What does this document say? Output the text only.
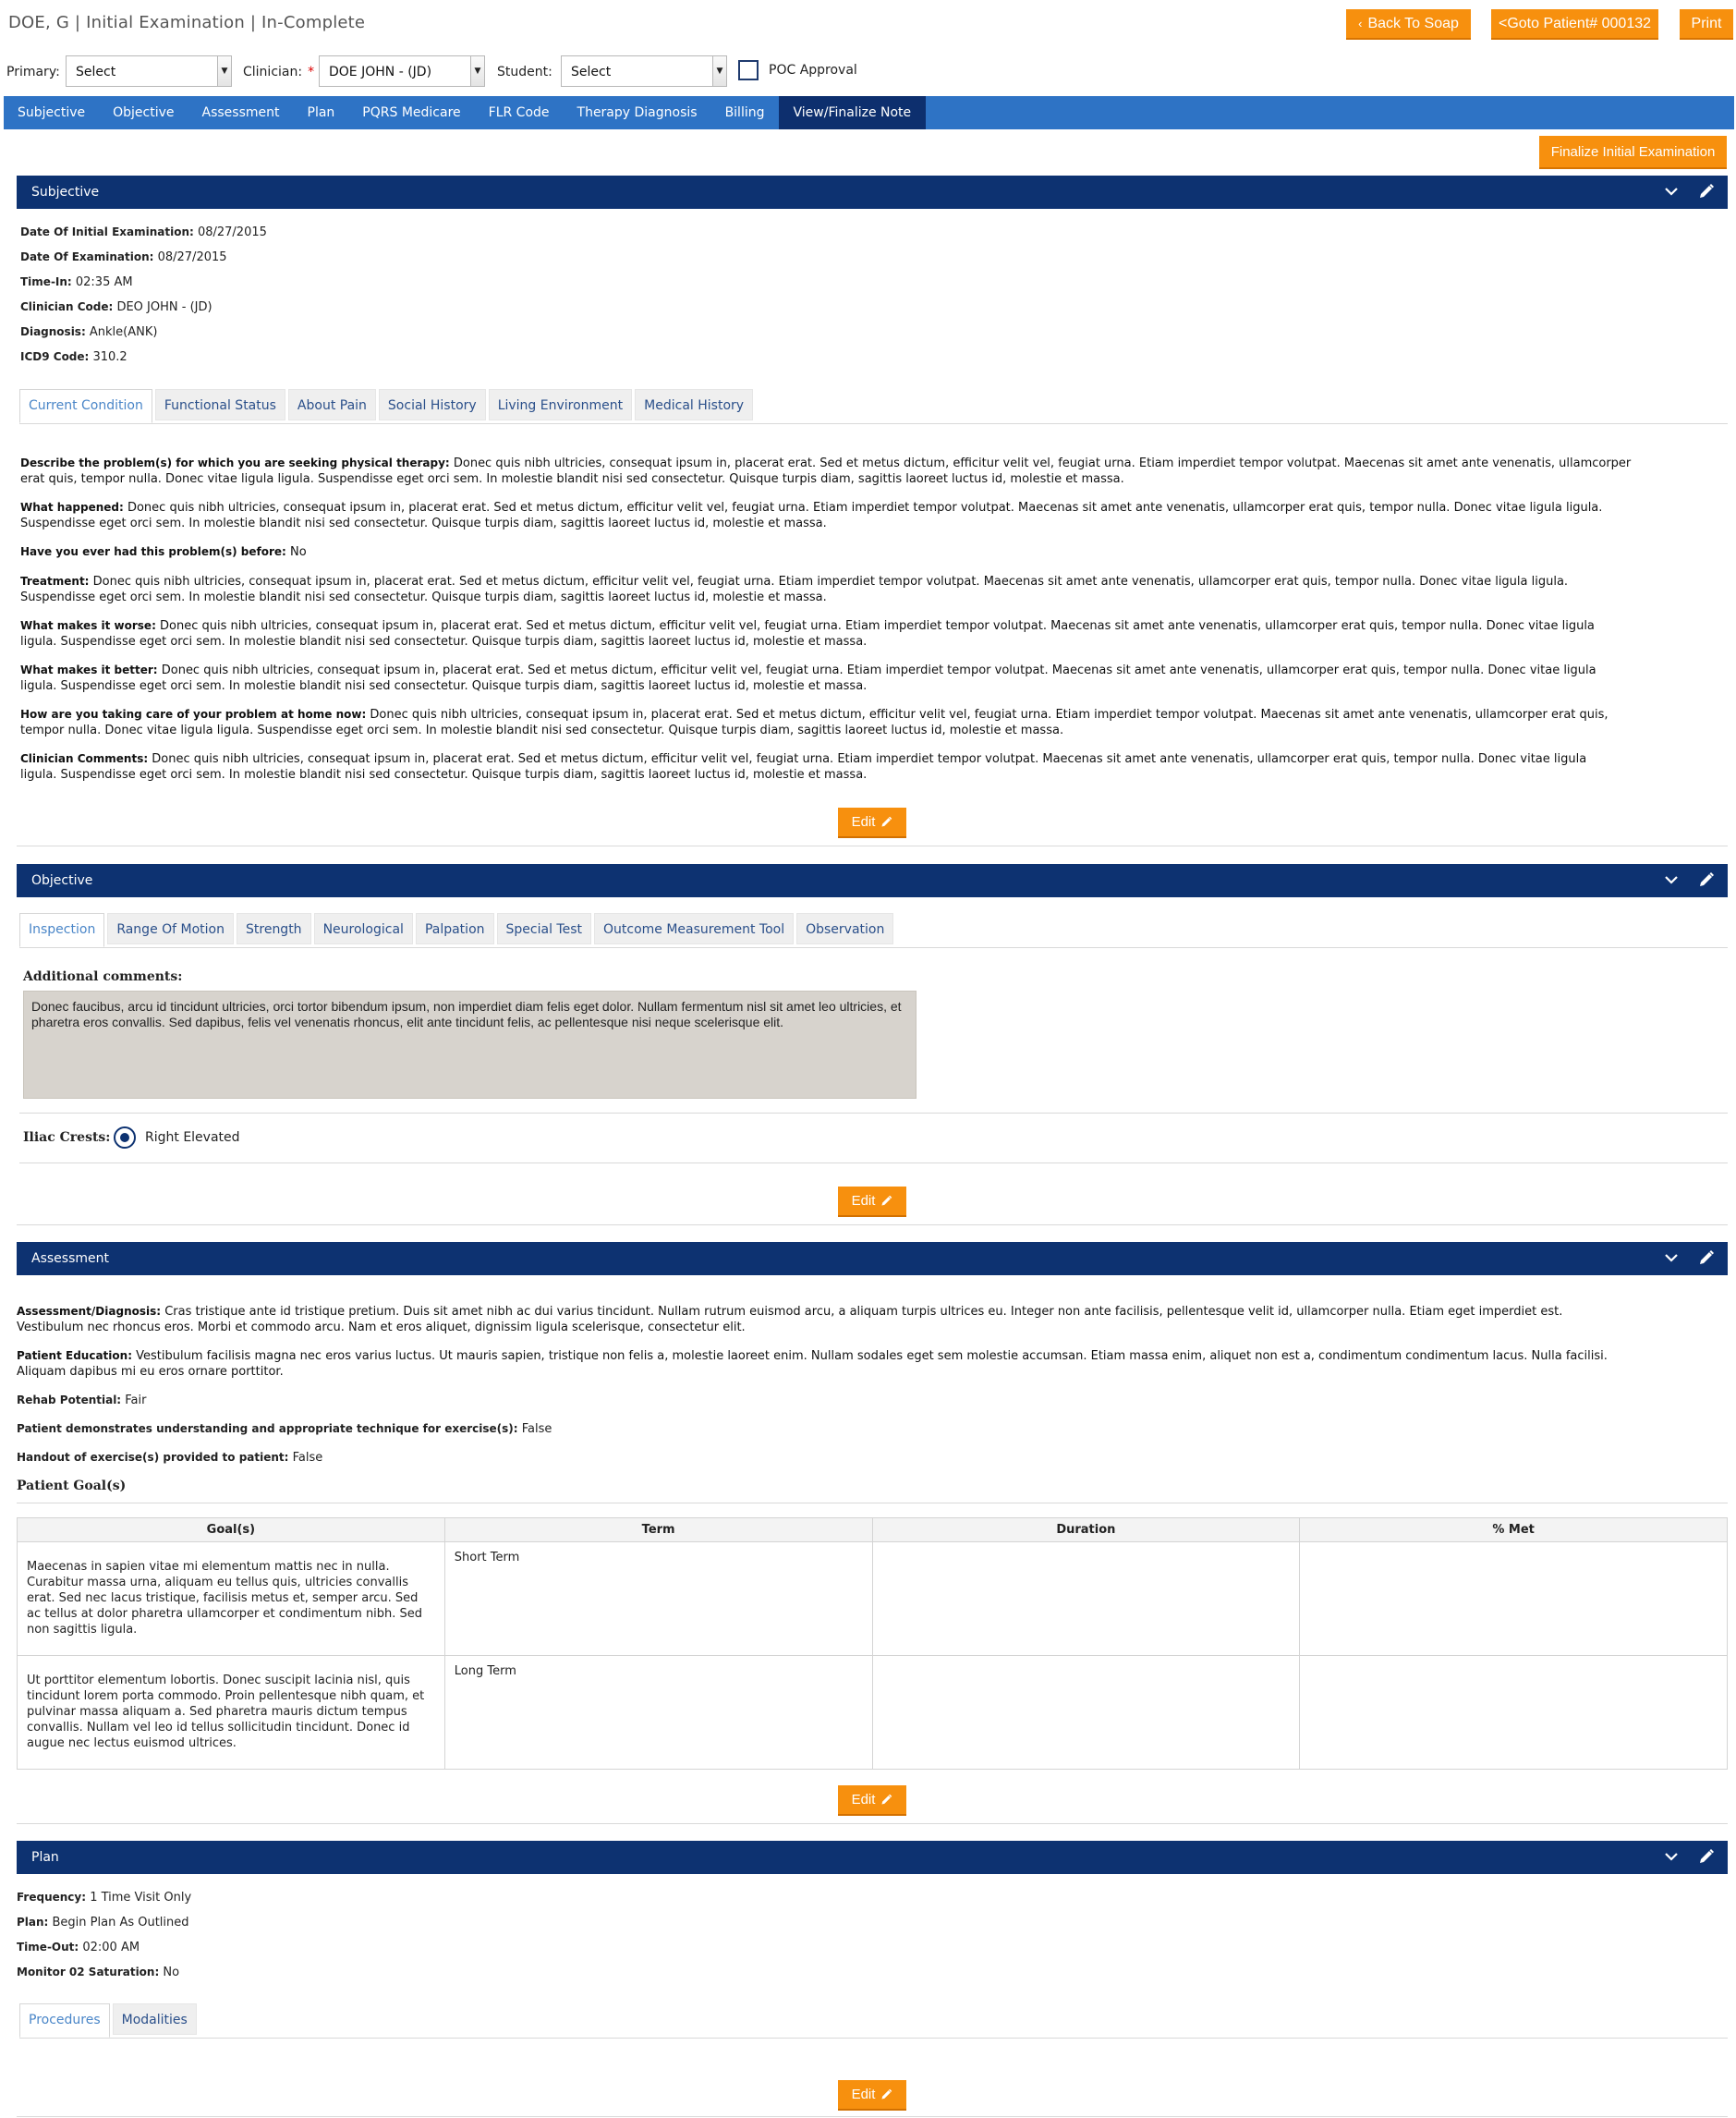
DOE, G | Initial Examination | In-Complete	‹ Back To Soap	<Goto Patient# 000132	Print
Primary:	Select	▼ Clinician: *	DOE JOHN - (JD)	▼ Student:	Select	▼	POC Approval
Subjective	Objective	Assessment	Plan	PQRS Medicare	FLR Code	Therapy Diagnosis	Billing	View/Finalize Note
Finalize Initial Examination
Subjective
Date Of Initial Examination: 08/27/2015
Date Of Examination: 08/27/2015
Time-In: 02:35 AM
Clinician Code: DEO JOHN - (JD)
Diagnosis: Ankle(ANK)
ICD9 Code: 310.2
Current Condition	Functional Status	About Pain	Social History	Living Environment	Medical History
Describe the problem(s) for which you are seeking physical therapy: Donec quis nibh ultricies, consequat ipsum in, placerat erat. Sed et metus dictum, efficitur velit vel, feugiat urna. Etiam imperdiet tempor volutpat. Maecenas sit amet ante venenatis, ullamcorper
erat quis, tempor nulla. Donec vitae ligula ligula. Suspendisse eget orci sem. In molestie blandit nisi sed consectetur. Quisque turpis diam, sagittis laoreet luctus id, molestie et massa.
What happened: Donec quis nibh ultricies, consequat ipsum in, placerat erat. Sed et metus dictum, efficitur velit vel, feugiat urna. Etiam imperdiet tempor volutpat. Maecenas sit amet ante venenatis, ullamcorper erat quis, tempor nulla. Donec vitae ligula ligula.
Suspendisse eget orci sem. In molestie blandit nisi sed consectetur. Quisque turpis diam, sagittis laoreet luctus id, molestie et massa.
Have you ever had this problem(s) before: No
Treatment: Donec quis nibh ultricies, consequat ipsum in, placerat erat. Sed et metus dictum, efficitur velit vel, feugiat urna. Etiam imperdiet tempor volutpat. Maecenas sit amet ante venenatis, ullamcorper erat quis, tempor nulla. Donec vitae ligula ligula.
Suspendisse eget orci sem. In molestie blandit nisi sed consectetur. Quisque turpis diam, sagittis laoreet luctus id, molestie et massa.
What makes it worse: Donec quis nibh ultricies, consequat ipsum in, placerat erat. Sed et metus dictum, efficitur velit vel, feugiat urna. Etiam imperdiet tempor volutpat. Maecenas sit amet ante venenatis, ullamcorper erat quis, tempor nulla. Donec vitae ligula
ligula. Suspendisse eget orci sem. In molestie blandit nisi sed consectetur. Quisque turpis diam, sagittis laoreet luctus id, molestie et massa.
What makes it better: Donec quis nibh ultricies, consequat ipsum in, placerat erat. Sed et metus dictum, efficitur velit vel, feugiat urna. Etiam imperdiet tempor volutpat. Maecenas sit amet ante venenatis, ullamcorper erat quis, tempor nulla. Donec vitae ligula
ligula. Suspendisse eget orci sem. In molestie blandit nisi sed consectetur. Quisque turpis diam, sagittis laoreet luctus id, molestie et massa.
How are you taking care of your problem at home now: Donec quis nibh ultricies, consequat ipsum in, placerat erat. Sed et metus dictum, efficitur velit vel, feugiat urna. Etiam imperdiet tempor volutpat. Maecenas sit amet ante venenatis, ullamcorper erat quis,
tempor nulla. Donec vitae ligula ligula. Suspendisse eget orci sem. In molestie blandit nisi sed consectetur. Quisque turpis diam, sagittis laoreet luctus id, molestie et massa.
Clinician Comments: Donec quis nibh ultricies, consequat ipsum in, placerat erat. Sed et metus dictum, efficitur velit vel, feugiat urna. Etiam imperdiet tempor volutpat. Maecenas sit amet ante venenatis, ullamcorper erat quis, tempor nulla. Donec vitae ligula
ligula. Suspendisse eget orci sem. In molestie blandit nisi sed consectetur. Quisque turpis diam, sagittis laoreet luctus id, molestie et massa.
Edit
Objective
Inspection	Range Of Motion	Strength	Neurological	Palpation	Special Test	Outcome Measurement Tool	Observation
Additional comments:
Donec faucibus, arcu id tincidunt ultricies, orci tortor bibendum ipsum, non imperdiet diam felis eget dolor. Nullam fermentum nisl sit amet leo ultricies, et pharetra eros convallis. Sed dapibus, felis vel venenatis rhoncus, elit ante tincidunt felis, ac pellentesque nisi neque scelerisque elit.
Iliac Crests:	Right Elevated
Edit
Assessment
Assessment/Diagnosis: Cras tristique ante id tristique pretium. Duis sit amet nibh ac dui varius tincidunt. Nullam rutrum euismod arcu, a aliquam turpis ultrices eu. Integer non ante facilisis, pellentesque velit id, ullamcorper nulla. Etiam eget imperdiet est.
Vestibulum nec rhoncus eros. Morbi et commodo arcu. Nam et eros aliquet, dignissim ligula scelerisque, consectetur elit.
Patient Education: Vestibulum facilisis magna nec eros varius luctus. Ut mauris sapien, tristique non felis a, molestie laoreet enim. Nullam sodales eget sem molestie accumsan. Etiam massa enim, aliquet non est a, condimentum condimentum lacus. Nulla facilisi.
Aliquam dapibus mi eu eros ornare porttitor.
Rehab Potential: Fair
Patient demonstrates understanding and appropriate technique for exercise(s): False
Handout of exercise(s) provided to patient: False
Patient Goal(s)
Goal(s)	Term	Duration	% Met
Maecenas in sapien vitae mi elementum mattis nec in nulla. Curabitur massa urna, aliquam eu tellus quis, ultricies convallis erat. Sed nec lacus tristique, facilisis metus et, semper arcu. Sed ac tellus at dolor pharetra ullamcorper et condimentum nibh. Sed non sagittis ligula.	Short Term		
Ut porttitor elementum lobortis. Donec suscipit lacinia nisl, quis tincidunt lorem porta commodo. Proin pellentesque nibh quam, et pulvinar massa aliquam a. Sed pharetra mauris dictum tempus convallis. Nullam vel leo id tellus sollicitudin tincidunt. Donec id augue nec lectus euismod ultrices.	Long Term		
Edit
Plan
Frequency: 1 Time Visit Only
Plan: Begin Plan As Outlined
Time-Out: 02:00 AM
Monitor 02 Saturation: No
Procedures	Modalities
Edit
